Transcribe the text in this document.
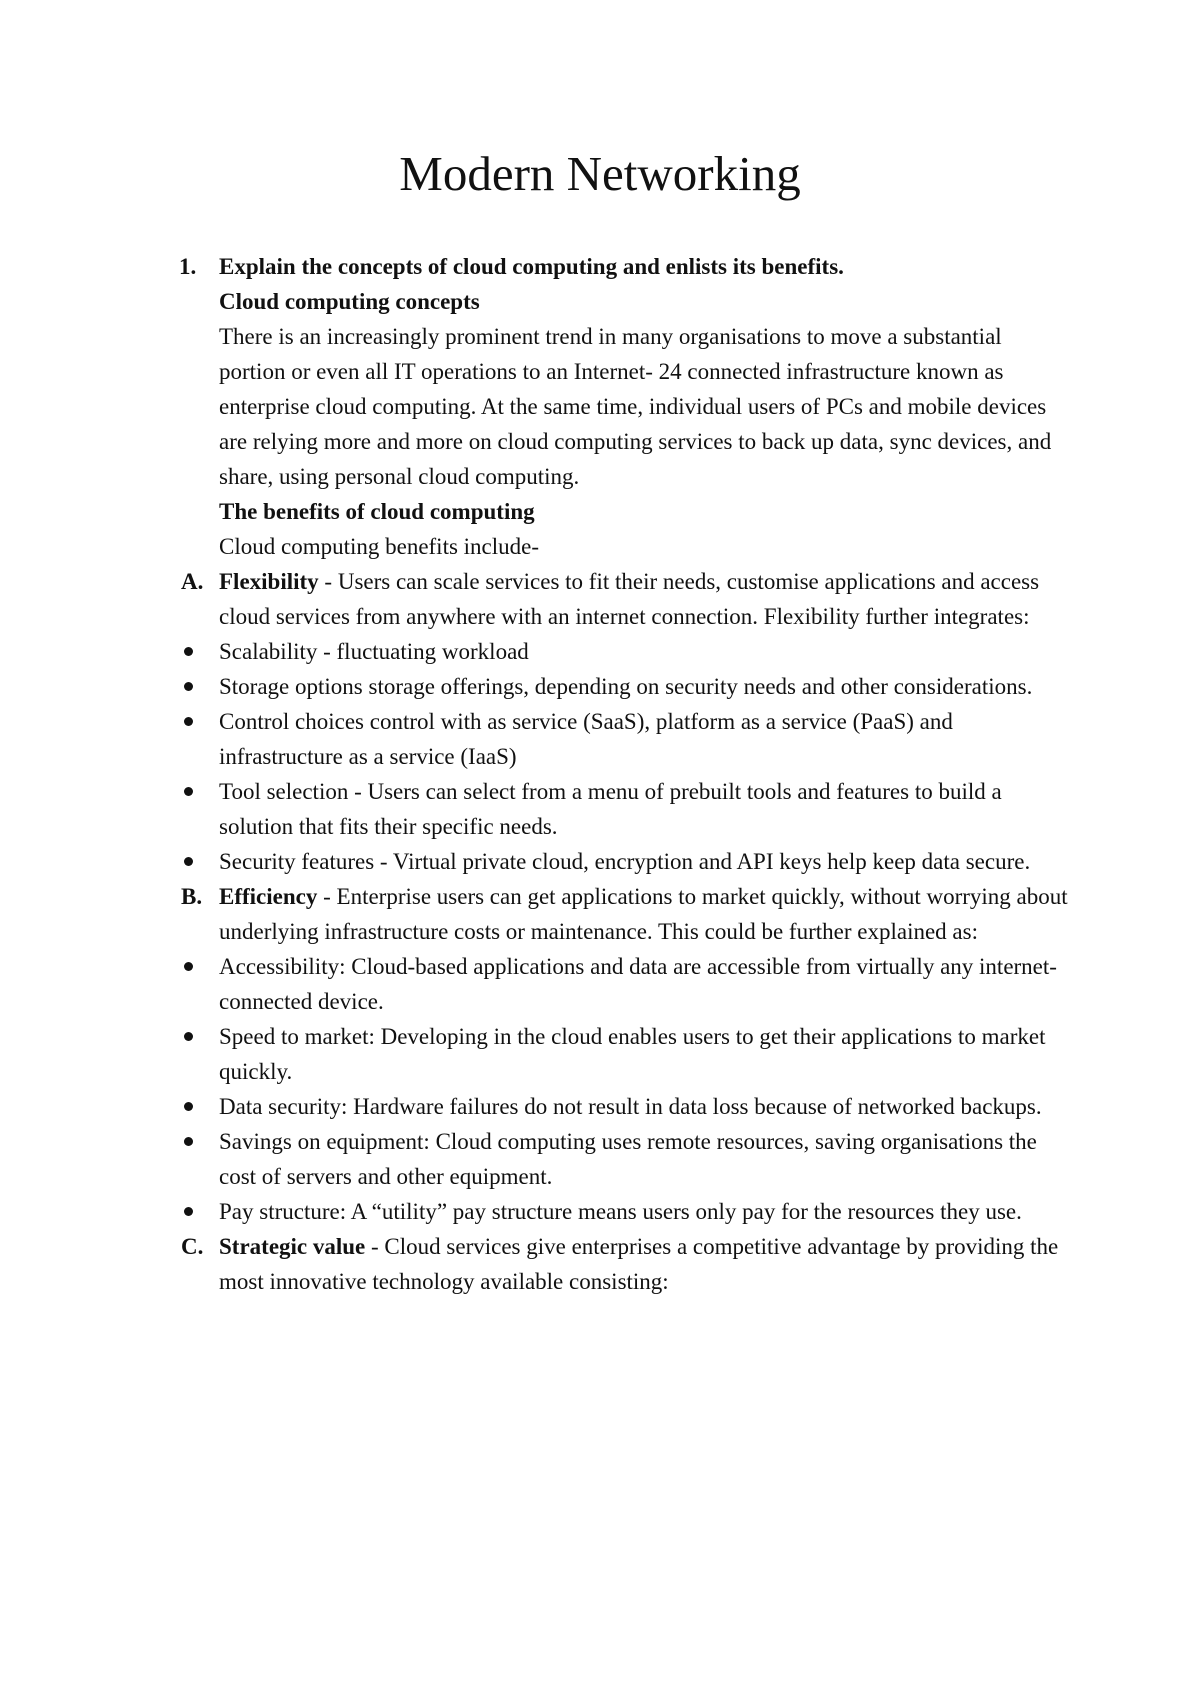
Modern Networking
1. Explain the concepts of cloud computing and enlists its benefits.
Cloud computing concepts
There is an increasingly prominent trend in many organisations to move a substantial portion or even all IT operations to an Internet- 24 connected infrastructure known as enterprise cloud computing. At the same time, individual users of PCs and mobile devices are relying more and more on cloud computing services to back up data, sync devices, and share, using personal cloud computing.
The benefits of cloud computing
Cloud computing benefits include-
A. Flexibility - Users can scale services to fit their needs, customise applications and access cloud services from anywhere with an internet connection. Flexibility further integrates:
Scalability - fluctuating workload
Storage options storage offerings, depending on security needs and other considerations.
Control choices control with as service (SaaS), platform as a service (PaaS) and infrastructure as a service (IaaS)
Tool selection - Users can select from a menu of prebuilt tools and features to build a solution that fits their specific needs.
Security features - Virtual private cloud, encryption and API keys help keep data secure.
B. Efficiency - Enterprise users can get applications to market quickly, without worrying about underlying infrastructure costs or maintenance. This could be further explained as:
Accessibility: Cloud-based applications and data are accessible from virtually any internet-connected device.
Speed to market: Developing in the cloud enables users to get their applications to market quickly.
Data security: Hardware failures do not result in data loss because of networked backups.
Savings on equipment: Cloud computing uses remote resources, saving organisations the cost of servers and other equipment.
Pay structure: A “utility” pay structure means users only pay for the resources they use.
C. Strategic value - Cloud services give enterprises a competitive advantage by providing the most innovative technology available consisting:
